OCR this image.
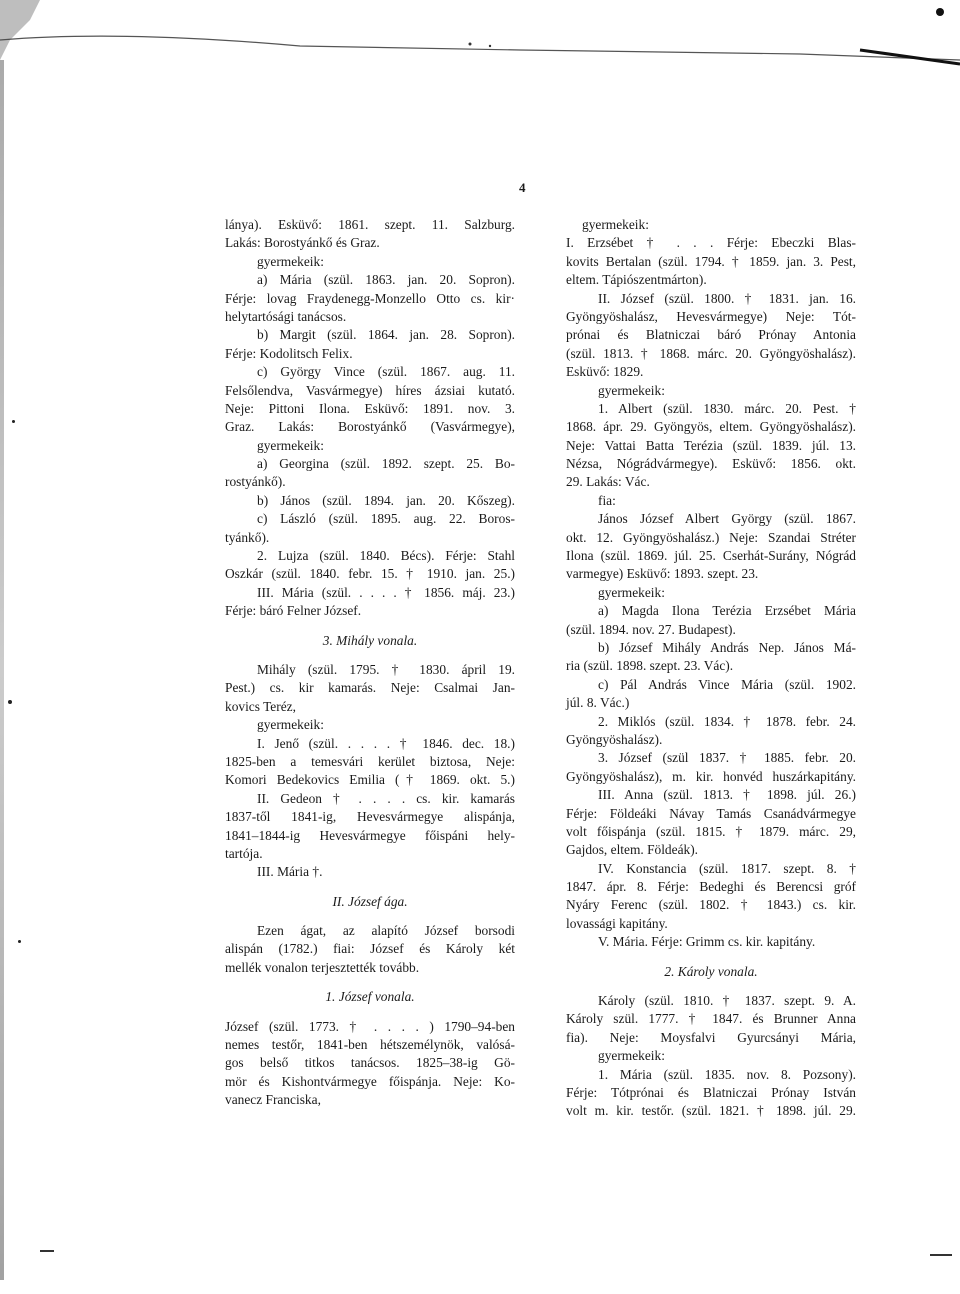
4
lánya). Esküvő: 1861. szept. 11. Salzburg.
Lakás: Borostyánkő és Graz.
gyermekeik:
a) Mária (szül. 1863. jan. 20. Sopron).
Férje: lovag Fraydenegg-Monzello Otto cs. kir·
helytartósági tanácsos.
b) Margit (szül. 1864. jan. 28. Sopron).
Férje: Kodolitsch Felix.
c) György Vince (szül. 1867. aug. 11.
Felsőlendva, Vasvármegye) híres ázsiai kutató.
Neje: Pittoni Ilona. Esküvő: 1891. nov. 3.
Graz. Lakás: Borostyánkő (Vasvármegye),
gyermekeik:
a) Georgina (szül. 1892. szept. 25. Bo-
rostyánkő).
b) János (szül. 1894. jan. 20. Kőszeg).
c) László (szül. 1895. aug. 22. Boros-
tyánkő).
2. Lujza (szül. 1840. Bécs). Férje: Stahl
Oszkár (szül. 1840. febr. 15. † 1910. jan. 25.)
III. Mária (szül. . . . . † 1856. máj. 23.)
Férje: báró Felner József.
3. Mihály vonala.
Mihály (szül. 1795. † 1830. ápril 19.
Pest.) cs. kir kamarás. Neje: Csalmai Jan-
kovics Teréz,
gyermekeik:
I. Jenő (szül. . . . . † 1846. dec. 18.)
1825-ben a temesvári kerület biztosa, Neje:
Komori Bedekovics Emilia († 1869. okt. 5.)
II. Gedeon † . . . . cs. kir. kamarás
1837-től 1841-ig, Hevesvármegye alispánja,
1841–1844-ig Hevesvármegye főispáni hely-
tartója.
III. Mária †.
II. József ága.
Ezen ágat, az alapító József borsodi
alispán (1782.) fiai: József és Károly két
mellék vonalon terjesztették tovább.
1. József vonala.
József (szül. 1773. † . . . . ) 1790–94-ben
nemes testőr, 1841-ben hétszemélynök, valósá-
gos belső titkos tanácsos. 1825–38-ig Gö-
mör és Kishontvármegye főispánja. Neje: Ko-
vanecz Franciska,
gyermekeik:
I. Erzsébet † . . . Férje: Ebeczki Blas-
kovits Bertalan (szül. 1794. † 1859. jan. 3. Pest,
eltem. Tápiószentmárton).
II. József (szül. 1800. † 1831. jan. 16.
Gyöngyöshalász, Hevesvármegye) Neje: Tót-
prónai és Blatniczai báró Prónay Antonia
(szül. 1813. † 1868. márc. 20. Gyöngyöshalász).
Esküvő: 1829.
gyermekeik:
1. Albert (szül. 1830. márc. 20. Pest. †
1868. ápr. 29. Gyöngyös, eltem. Gyöngyöshalász).
Neje: Vattai Batta Terézia (szül. 1839. júl. 13.
Nézsa, Nógrádvármegye). Esküvő: 1856. okt.
29. Lakás: Vác.
fia:
János József Albert György (szül. 1867.
okt. 12. Gyöngyöshalász.) Neje: Szandai Stréter
Ilona (szül. 1869. júl. 25. Cserhát-Surány, Nógrád
varmegye) Esküvő: 1893. szept. 23.
gyermekeik:
a) Magda Ilona Terézia Erzsébet Mária
(szül. 1894. nov. 27. Budapest).
b) József Mihály András Nep. János Má-
ria (szül. 1898. szept. 23. Vác).
c) Pál András Vince Mária (szül. 1902.
júl. 8. Vác.)
2. Miklós (szül. 1834. † 1878. febr. 24.
Gyöngyöshalász).
3. József (szül 1837. † 1885. febr. 20.
Gyöngyöshalász), m. kir. honvéd huszárkapitány.
III. Anna (szül. 1813. † 1898. júl. 26.)
Férje: Földeáki Návay Tamás Csanádvármegye
volt főispánja (szül. 1815. † 1879. márc. 29,
Gajdos, eltem. Földeák).
IV. Konstancia (szül. 1817. szept. 8. †
1847. ápr. 8. Férje: Bedeghi és Berencsi gróf
Nyáry Ferenc (szül. 1802. † 1843.) cs. kir.
lovassági kapitány.
V. Mária. Férje: Grimm cs. kir. kapitány.
2. Károly vonala.
Károly (szül. 1810. † 1837. szept. 9. A.
Károly szül. 1777. † 1847. és Brunner Anna
fia). Neje: Moysfalvi Gyurcsányi Mária,
gyermekeik:
1. Mária (szül. 1835. nov. 8. Pozsony).
Férje: Tótprónai és Blatniczai Prónay István
volt m. kir. testőr. (szül. 1821. † 1898. júl. 29.
